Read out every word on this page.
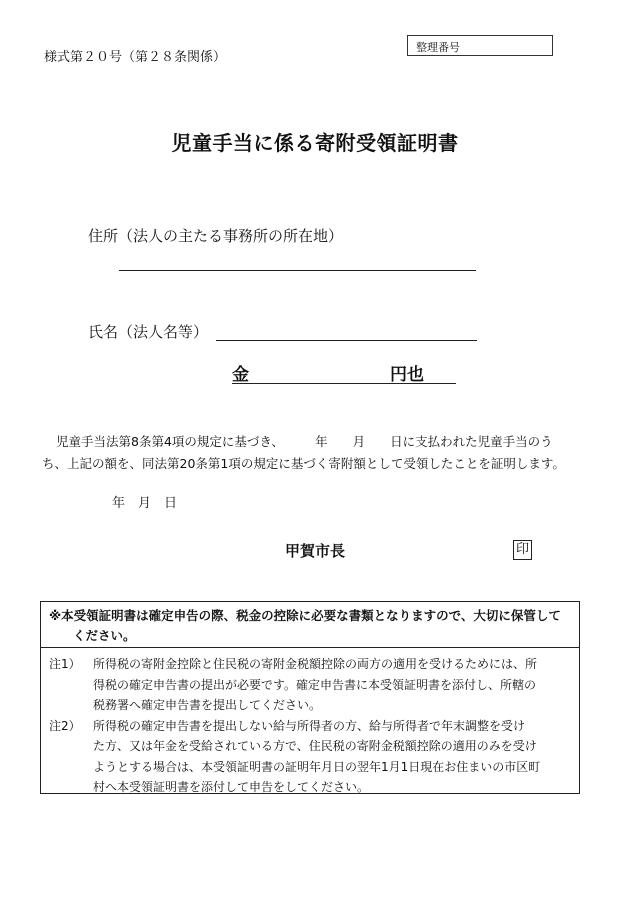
様式第２０号（第２８条関係）
整理番号
児童手当に係る寄附受領証明書
住所（法人の主たる事務所の所在地）
氏名（法人名等）
金	円也
児童手当法第8条第4項の規定に基づき、　　　年　　月　　日に支払われた児童手当のう
ち、上記の額を、同法第20条第1項の規定に基づく寄附額として受領したことを証明します。
年　月　日
甲賀市長	印
※本受領証明書は確定申告の際、税金の控除に必要な書類となりますので、大切に保管して
ください。
注1）	所得税の寄附金控除と住民税の寄附金税額控除の両方の適用を受けるためには、所
得税の確定申告書の提出が必要です。確定申告書に本受領証明書を添付し、所轄の
税務署へ確定申告書を提出してください。
注2）	所得税の確定申告書を提出しない給与所得者の方、給与所得者で年末調整を受け
た方、又は年金を受給されている方で、住民税の寄附金税額控除の適用のみを受け
ようとする場合は、本受領証明書の証明年月日の翌年1月1日現在お住まいの市区町
村へ本受領証明書を添付して申告をしてください。
